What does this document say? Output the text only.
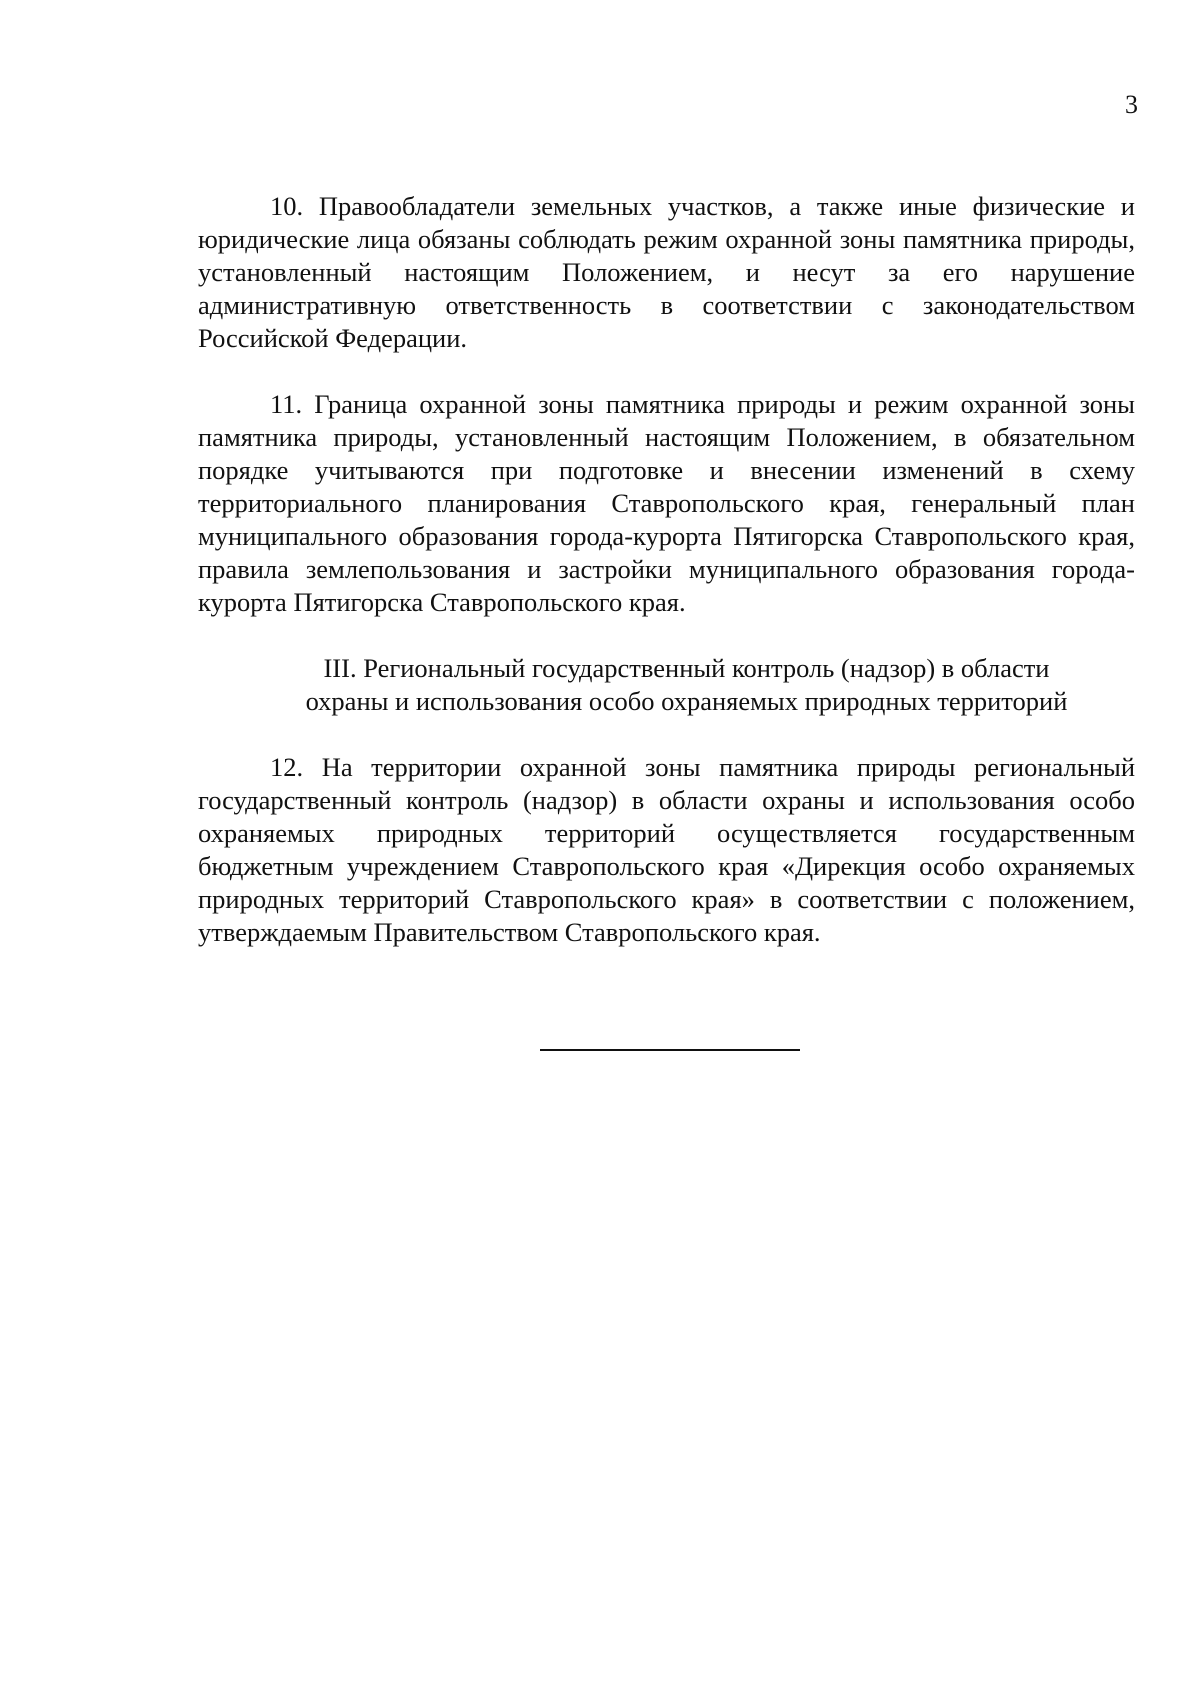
3

10. Правообладатели земельных участков, а также иные физические и юридические лица обязаны соблюдать режим охранной зоны памятника природы, установленный настоящим Положением, и несут за его нарушение административную ответственность в соответствии с законодательством Российской Федерации.

11. Граница охранной зоны памятника природы и режим охранной зоны памятника природы, установленный настоящим Положением, в обязательном порядке учитываются при подготовке и внесении изменений в схему территориального планирования Ставропольского края, генеральный план муниципального образования города-курорта Пятигорска Ставропольского края, правила землепользования и застройки муниципального образования города-курорта Пятигорска Ставропольского края.

III. Региональный государственный контроль (надзор) в области
охраны и использования особо охраняемых природных территорий

12. На территории охранной зоны памятника природы региональный государственный контроль (надзор) в области охраны и использования особо охраняемых природных территорий осуществляется государственным бюджетным учреждением Ставропольского края «Дирекция особо охраняемых природных территорий Ставропольского края» в соответствии с положением, утверждаемым Правительством Ставропольского края.
